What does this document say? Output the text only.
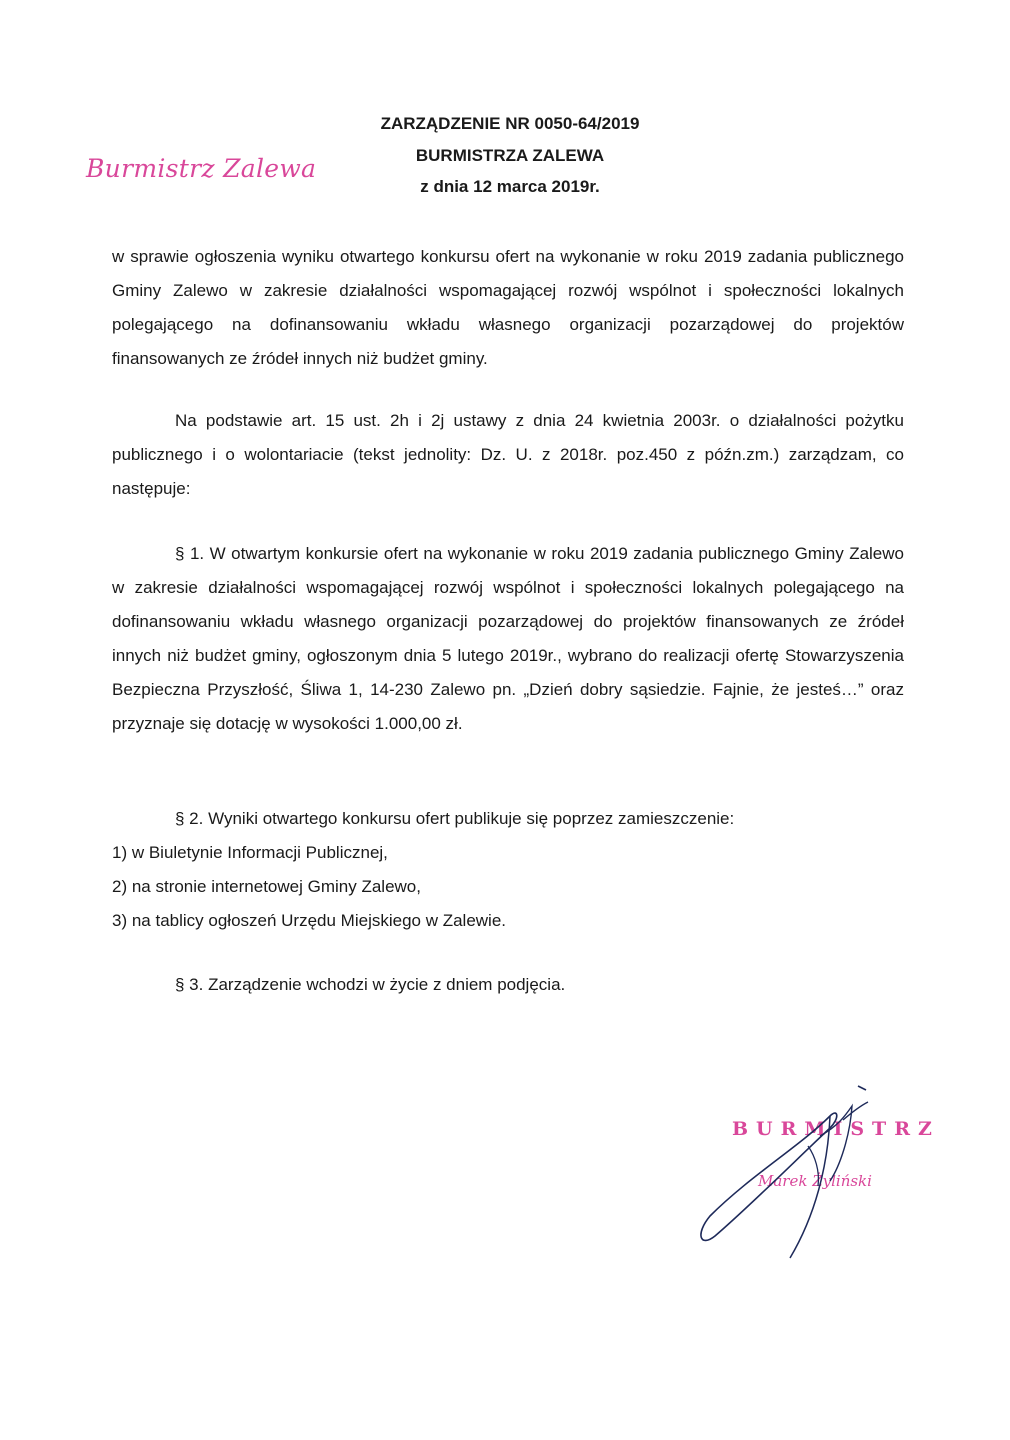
Burmistrz Zalewa
ZARZĄDZENIE NR 0050-64/2019
BURMISTRZA ZALEWA
z dnia 12 marca 2019r.
w sprawie ogłoszenia wyniku otwartego konkursu ofert na wykonanie w roku 2019 zadania publicznego Gminy Zalewo w zakresie działalności wspomagającej rozwój wspólnot i społeczności lokalnych polegającego na dofinansowaniu wkładu własnego organizacji pozarządowej do projektów finansowanych ze źródeł innych niż budżet gminy.
Na podstawie art. 15 ust. 2h i 2j ustawy z dnia 24 kwietnia 2003r. o działalności pożytku publicznego i o wolontariacie (tekst jednolity: Dz. U. z 2018r. poz.450 z późn.zm.) zarządzam, co następuje:
§ 1. W otwartym konkursie ofert na wykonanie w roku 2019 zadania publicznego Gminy Zalewo w zakresie działalności wspomagającej rozwój wspólnot i społeczności lokalnych polegającego na dofinansowaniu wkładu własnego organizacji pozarządowej do projektów finansowanych ze źródeł innych niż budżet gminy, ogłoszonym dnia 5 lutego 2019r., wybrano do realizacji ofertę Stowarzyszenia Bezpieczna Przyszłość, Śliwa 1, 14-230 Zalewo pn. „Dzień dobry sąsiedzie. Fajnie, że jesteś…” oraz przyznaje się dotację w wysokości 1.000,00 zł.
§ 2. Wyniki otwartego konkursu ofert publikuje się poprzez zamieszczenie:
1) w Biuletynie Informacji Publicznej,
2) na stronie internetowej Gminy Zalewo,
3) na tablicy ogłoszeń Urzędu Miejskiego w Zalewie.
§ 3. Zarządzenie wchodzi w życie z dniem podjęcia.
BURMISTRZ
Marek Żyliński
